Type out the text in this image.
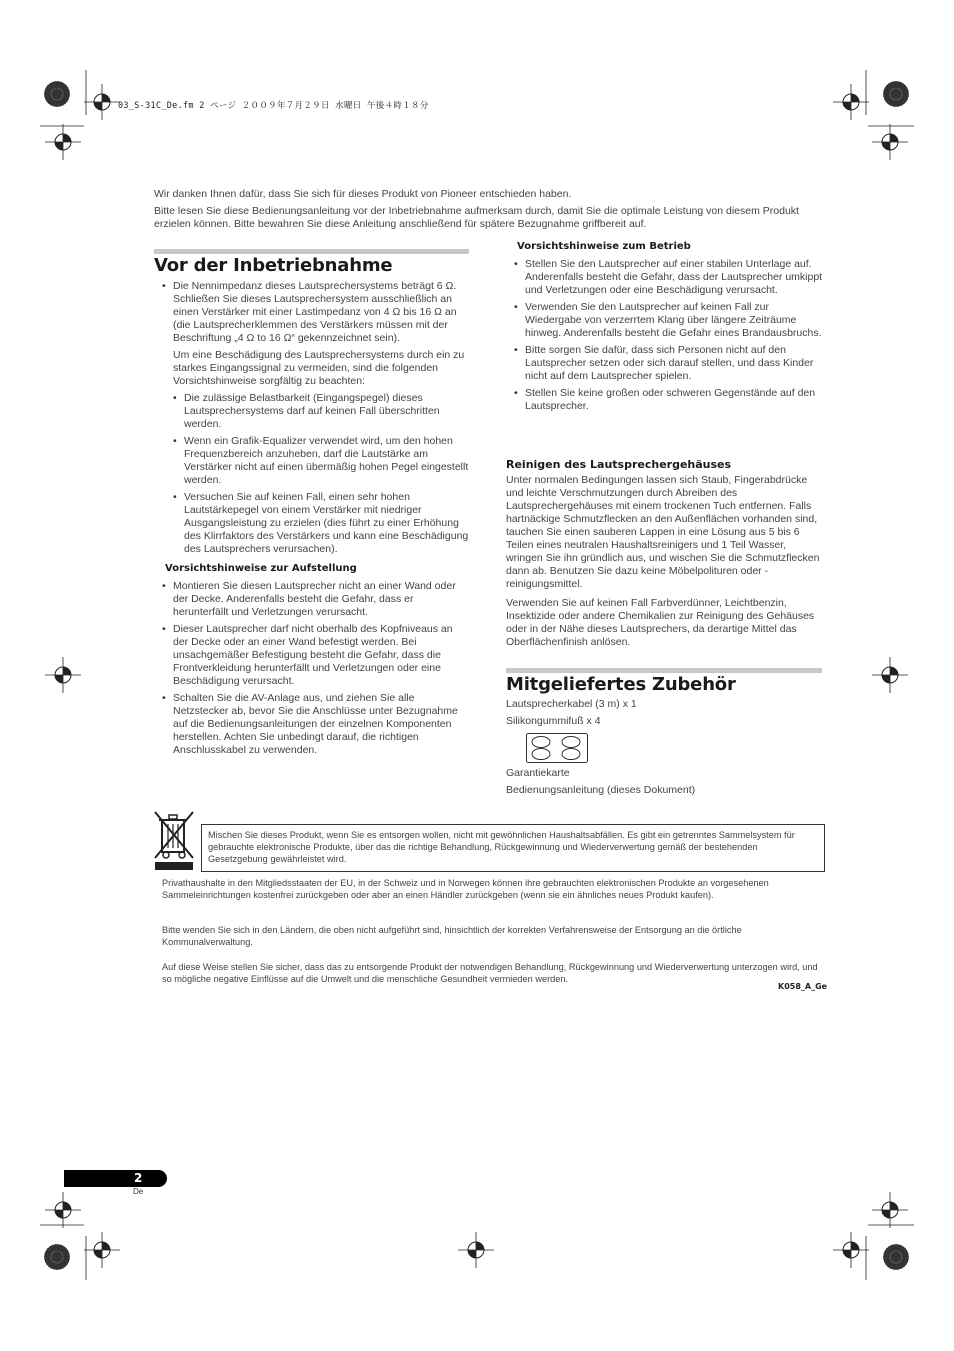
03_S-31C_De.fm 2 ページ ２００９年７月２９日 水曜日 午後４時１８分
Wir danken Ihnen dafür, dass Sie sich für dieses Produkt von Pioneer entschieden haben.
Bitte lesen Sie diese Bedienungsanleitung vor der Inbetriebnahme aufmerksam durch, damit Sie die optimale Leistung von diesem Produkt erzielen können. Bitte bewahren Sie diese Anleitung anschließend für spätere Bezugnahme griffbereit auf.
Vor der Inbetriebnahme
• Die Nennimpedanz dieses Lautsprechersystems beträgt 6 Ω. Schließen Sie dieses Lautsprechersystem ausschließlich an einen Verstärker mit einer Lastimpedanz von 4 Ω bis 16 Ω an (die Lautsprecherklemmen des Verstärkers müssen mit der Beschriftung „4 Ω to 16 Ω“ gekennzeichnet sein).

Um eine Beschädigung des Lautsprechersystems durch ein zu starkes Eingangssignal zu vermeiden, sind die folgenden Vorsichtshinweise sorgfältig zu beachten:

• Die zulässige Belastbarkeit (Eingangspegel) dieses Lautsprechersystems darf auf keinen Fall überschritten werden.
• Wenn ein Grafik-Equalizer verwendet wird, um den hohen Frequenzbereich anzuheben, darf die Lautstärke am Verstärker nicht auf einen übermäßig hohen Pegel eingestellt werden.
• Versuchen Sie auf keinen Fall, einen sehr hohen Lautstärkepegel von einem Verstärker mit niedriger Ausgangsleistung zu erzielen (dies führt zu einer Erhöhung des Klirrfaktors des Verstärkers und kann eine Beschädigung des Lautsprechers verursachen).
Vorsichtshinweise zur Aufstellung
• Montieren Sie diesen Lautsprecher nicht an einer Wand oder der Decke. Anderenfalls besteht die Gefahr, dass er herunterfällt und Verletzungen verursacht.
• Dieser Lautsprecher darf nicht oberhalb des Kopfniveaus an der Decke oder an einer Wand befestigt werden. Bei unsachgemäßer Befestigung besteht die Gefahr, dass die Frontverkleidung herunterfällt und Verletzungen oder eine Beschädigung verursacht.
• Schalten Sie die AV-Anlage aus, und ziehen Sie alle Netzstecker ab, bevor Sie die Anschlüsse unter Bezugnahme auf die Bedienungsanleitungen der einzelnen Komponenten herstellen. Achten Sie unbedingt darauf, die richtigen Anschlusskabel zu verwenden.
Vorsichtshinweise zum Betrieb
• Stellen Sie den Lautsprecher auf einer stabilen Unterlage auf. Anderenfalls besteht die Gefahr, dass der Lautsprecher umkippt und Verletzungen oder eine Beschädigung verursacht.
• Verwenden Sie den Lautsprecher auf keinen Fall zur Wiedergabe von verzerrtem Klang über längere Zeiträume hinweg. Anderenfalls besteht die Gefahr eines Brandausbruchs.
• Bitte sorgen Sie dafür, dass sich Personen nicht auf den Lautsprecher setzen oder sich darauf stellen, und dass Kinder nicht auf dem Lautsprecher spielen.
• Stellen Sie keine großen oder schweren Gegenstände auf den Lautsprecher.
Reinigen des Lautsprechergehäuses

Unter normalen Bedingungen lassen sich Staub, Fingerabdrücke und leichte Verschmutzungen durch Abreiben des Lautsprechergehäuses mit einem trockenen Tuch entfernen. Falls hartnäckige Schmutzflecken an den Außenflächen vorhanden sind, tauchen Sie einen sauberen Lappen in eine Lösung aus 5 bis 6 Teilen eines neutralen Haushaltsreinigers und 1 Teil Wasser, wringen Sie ihn gründlich aus, und wischen Sie die Schmutzflecken dann ab. Benutzen Sie dazu keine Möbelpolituren oder -reinigungsmittel.

Verwenden Sie auf keinen Fall Farbverdünner, Leichtbenzin, Insektizide oder andere Chemikalien zur Reinigung des Gehäuses oder in der Nähe dieses Lautsprechers, da derartige Mittel das Oberflächenfinish anlösen.

Mitgeliefertes Zubehör
Lautsprecherkabel (3 m) x 1
Silikongummifuß x 4
Garantiekarte
Bedienungsanleitung (dieses Dokument)
Mischen Sie dieses Produkt, wenn Sie es entsorgen wollen, nicht mit gewöhnlichen Haushaltsabfällen. Es gibt ein getrenntes Sammelsystem für gebrauchte elektronische Produkte, über das die richtige Behandlung, Rückgewinnung und Wiederverwertung gemäß der bestehenden Gesetzgebung gewährleistet wird.
Privathaushalte in den Mitgliedsstaaten der EU, in der Schweiz und in Norwegen können ihre gebrauchten elektronischen Produkte an vorgesehenen Sammeleinrichtungen kostenfrei zurückgeben oder aber an einen Händler zurückgeben (wenn sie ein ähnliches neues Produkt kaufen).
Bitte wenden Sie sich in den Ländern, die oben nicht aufgeführt sind, hinsichtlich der korrekten Verfahrensweise der Entsorgung an die örtliche Kommunalverwaltung.
Auf diese Weise stellen Sie sicher, dass das zu entsorgende Produkt der notwendigen Behandlung, Rückgewinnung und Wiederverwertung unterzogen wird, und so mögliche negative Einflüsse auf die Umwelt und die menschliche Gesundheit vermieden werden.
K058_A_Ge
2
De
